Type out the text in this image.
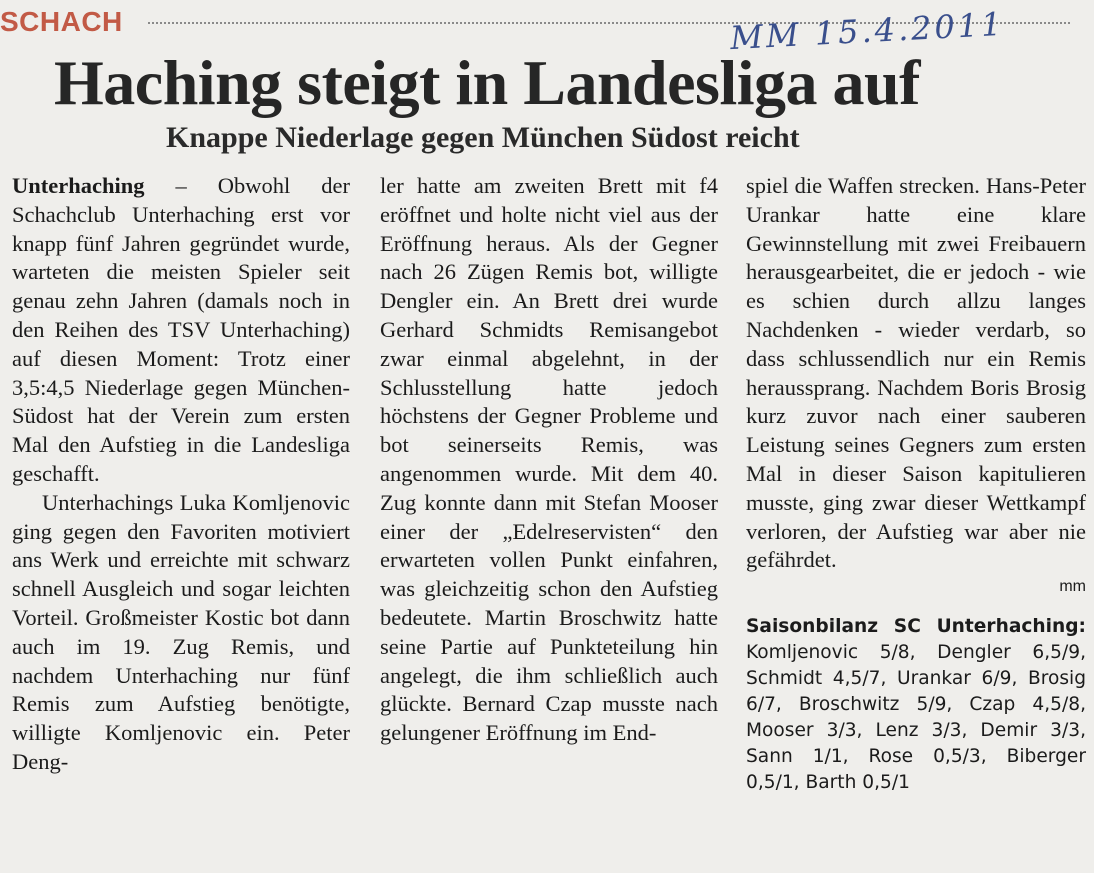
SCHACH	MM 15.4.2011
Haching steigt in Landesliga auf
Knappe Niederlage gegen München Südost reicht

Unterhaching – Obwohl der Schachclub Unterhaching erst vor knapp fünf Jahren gegründet wurde, warteten die meisten Spieler seit genau zehn Jahren (damals noch in den Reihen des TSV Unterhaching) auf diesen Moment: Trotz einer 3,5:4,5 Niederlage gegen München-Südost hat der Verein zum ersten Mal den Aufstieg in die Landesliga geschafft.

Unterhachings Luka Komljenovic ging gegen den Favoriten motiviert ans Werk und erreichte mit schwarz schnell Ausgleich und sogar leichten Vorteil. Großmeister Kostic bot dann auch im 19. Zug Remis, und nachdem Unterhaching nur fünf Remis zum Aufstieg benötigte, willigte Komljenovic ein. Peter Deng-

ler hatte am zweiten Brett mit f4 eröffnet und holte nicht viel aus der Eröffnung heraus. Als der Gegner nach 26 Zügen Remis bot, willigte Dengler ein. An Brett drei wurde Gerhard Schmidts Remisangebot zwar einmal abgelehnt, in der Schlusstellung hatte jedoch höchstens der Gegner Probleme und bot seinerseits Remis, was angenommen wurde. Mit dem 40. Zug konnte dann mit Stefan Mooser einer der „Edelreservisten“ den erwarteten vollen Punkt einfahren, was gleichzeitig schon den Aufstieg bedeutete. Martin Broschwitz hatte seine Partie auf Punkteteilung hin angelegt, die ihm schließlich auch glückte. Bernard Czap musste nach gelungener Eröffnung im End-

spiel die Waffen strecken. Hans-Peter Urankar hatte eine klare Gewinnstellung mit zwei Freibauern herausgearbeitet, die er jedoch - wie es schien durch allzu langes Nachdenken - wieder verdarb, so dass schlussendlich nur ein Remis heraussprang. Nachdem Boris Brosig kurz zuvor nach einer sauberen Leistung seines Gegners zum ersten Mal in dieser Saison kapitulieren musste, ging zwar dieser Wettkampf verloren, der Aufstieg war aber nie gefährdet.

mm
Saisonbilanz SC Unterhaching:
Komljenovic 5/8, Dengler 6,5/9, Schmidt 4,5/7, Urankar 6/9, Brosig 6/7, Broschwitz 5/9, Czap 4,5/8, Mooser 3/3, Lenz 3/3, Demir 3/3, Sann 1/1, Rose 0,5/3, Biberger 0,5/1, Barth 0,5/1
